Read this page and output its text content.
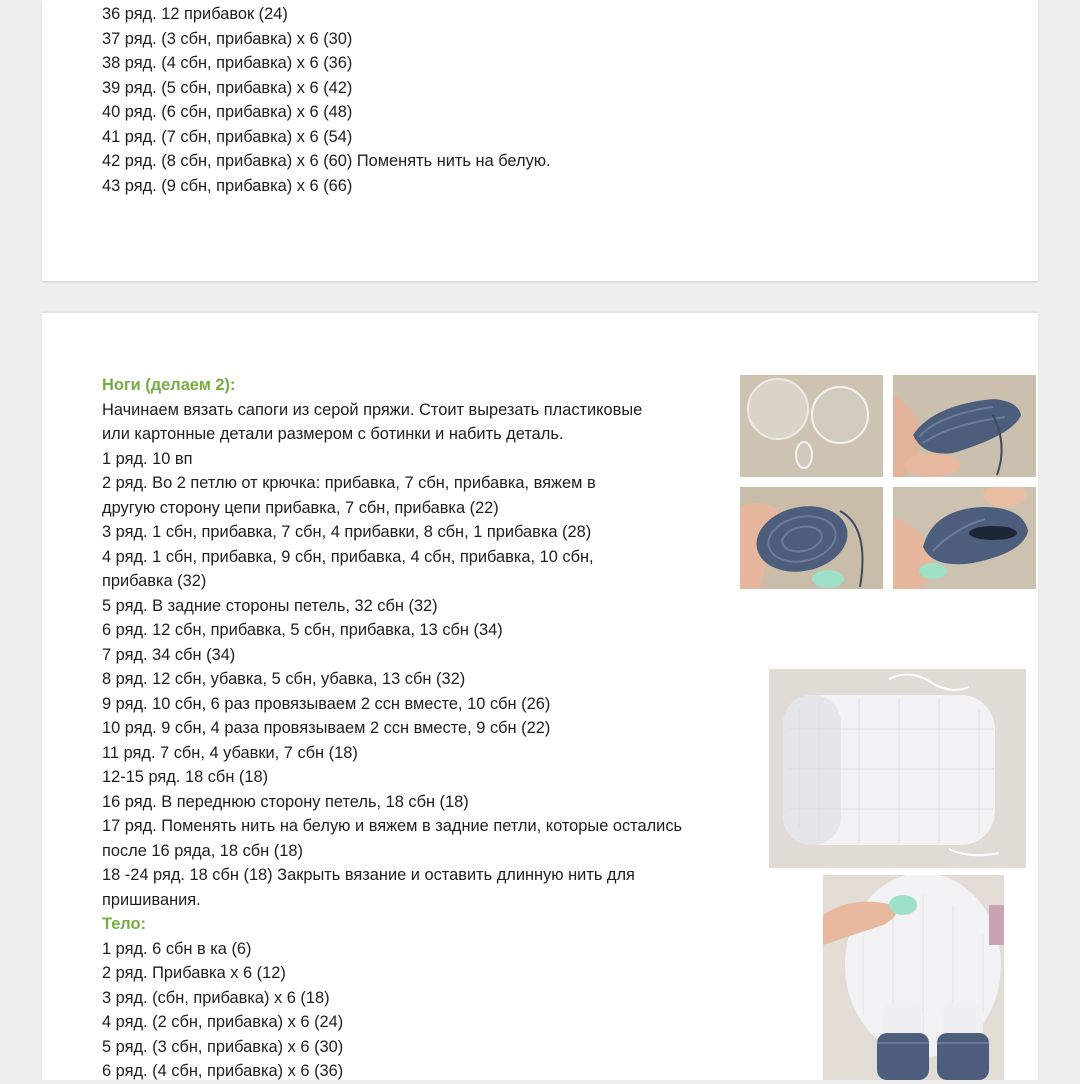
36 ряд. 12 прибавок (24)
37 ряд. (3 сбн, прибавка) х 6 (30)
38 ряд. (4 сбн, прибавка) х 6 (36)
39 ряд. (5 сбн, прибавка) х 6 (42)
40 ряд. (6 сбн, прибавка) х 6 (48)
41 ряд. (7 сбн, прибавка) х 6 (54)
42 ряд. (8 сбн, прибавка) х 6 (60) Поменять нить на белую.
43 ряд. (9 сбн, прибавка) х 6 (66)
Ноги (делаем 2):
Начинаем вязать сапоги из серой пряжи. Стоит вырезать пластиковые
или картонные детали размером с ботинки и набить деталь.
1 ряд. 10 вп
2 ряд. Во 2 петлю от крючка: прибавка, 7 сбн, прибавка, вяжем в
другую сторону цепи прибавка, 7 сбн, прибавка (22)
3 ряд. 1 сбн, прибавка, 7 сбн, 4 прибавки, 8 сбн, 1 прибавка (28)
4 ряд. 1 сбн, прибавка, 9 сбн, прибавка, 4 сбн, прибавка, 10 сбн,
прибавка (32)
5 ряд. В задние стороны петель, 32 сбн (32)
6 ряд. 12 сбн, прибавка, 5 сбн, прибавка, 13 сбн (34)
7 ряд. 34 сбн (34)
8 ряд. 12 сбн, убавка, 5 сбн, убавка, 13 сбн (32)
9 ряд. 10 сбн, 6 раз провязываем 2 ссн вместе, 10 сбн (26)
10 ряд. 9 сбн, 4 раза провязываем 2 ссн вместе, 9 сбн (22)
11 ряд. 7 сбн, 4 убавки, 7 сбн (18)
12-15 ряд. 18 сбн (18)
16 ряд. В переднюю сторону петель, 18 сбн (18)
17 ряд. Поменять нить на белую и вяжем в задние петли, которые остались
после 16 ряда, 18 сбн (18)
18 -24 ряд. 18 сбн (18) Закрыть вязание и оставить длинную нить для
пришивания.
Тело:
1 ряд. 6 сбн в ка (6)
2 ряд. Прибавка х 6 (12)
3 ряд. (сбн, прибавка) х 6 (18)
4 ряд. (2 сбн, прибавка) х 6 (24)
5 ряд. (3 сбн, прибавка) х 6 (30)
6 ряд. (4 сбн, прибавка) х 6 (36)
